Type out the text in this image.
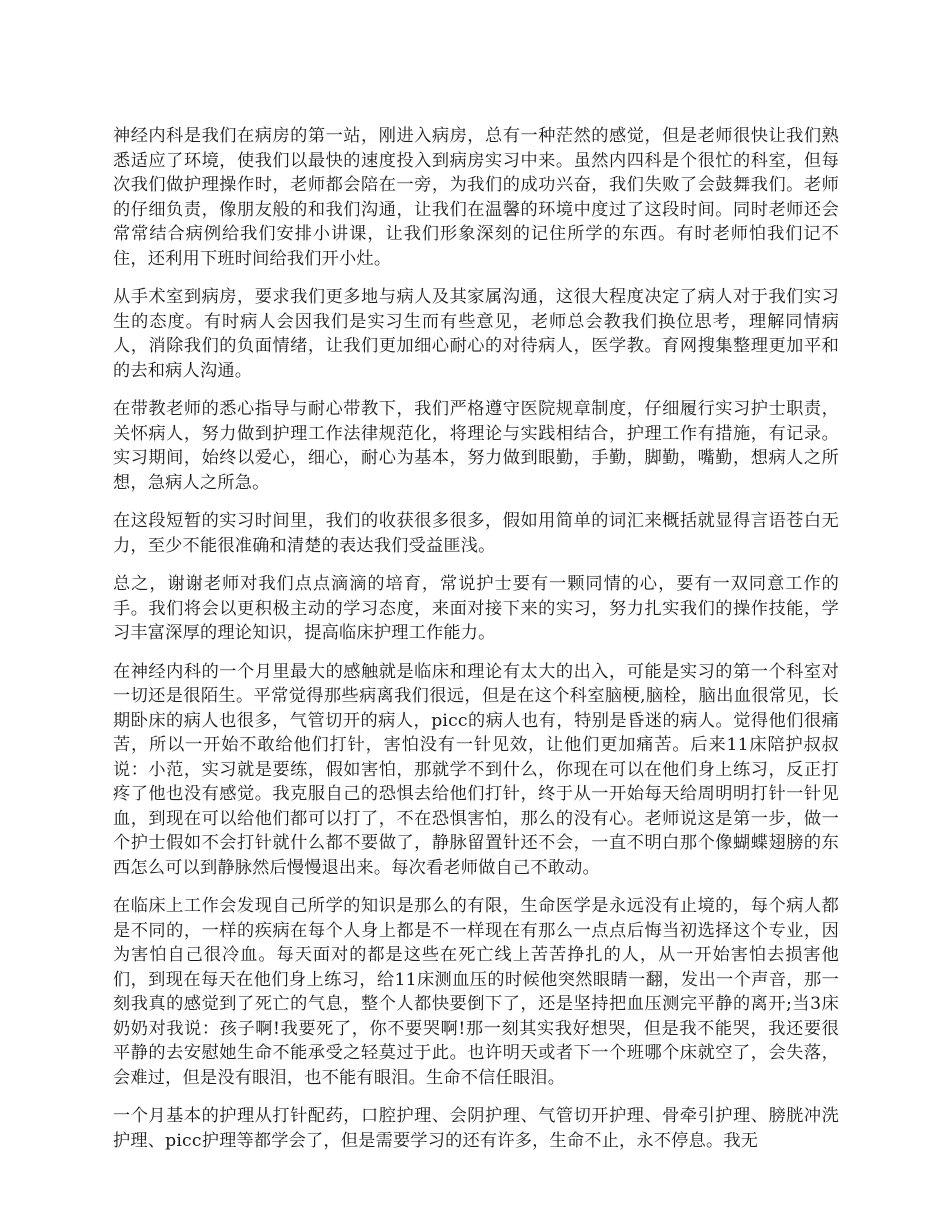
神经内科是我们在病房的第一站，刚进入病房，总有一种茫然的感觉，但是老师很快让我们熟悉适应了环境，使我们以最快的速度投入到病房实习中来。虽然内四科是个很忙的科室，但每次我们做护理操作时，老师都会陪在一旁，为我们的成功兴奋，我们失败了会鼓舞我们。老师的仔细负责，像朋友般的和我们沟通，让我们在温馨的环境中度过了这段时间。同时老师还会常常结合病例给我们安排小讲课，让我们形象深刻的记住所学的东西。有时老师怕我们记不住，还利用下班时间给我们开小灶。

从手术室到病房，要求我们更多地与病人及其家属沟通，这很大程度决定了病人对于我们实习生的态度。有时病人会因我们是实习生而有些意见，老师总会教我们换位思考，理解同情病人，消除我们的负面情绪，让我们更加细心耐心的对待病人，医学教。育网搜集整理更加平和的去和病人沟通。

在带教老师的悉心指导与耐心带教下，我们严格遵守医院规章制度，仔细履行实习护士职责，关怀病人，努力做到护理工作法律规范化，将理论与实践相结合，护理工作有措施，有记录。实习期间，始终以爱心，细心，耐心为基本，努力做到眼勤，手勤，脚勤，嘴勤，想病人之所想，急病人之所急。

在这段短暂的实习时间里，我们的收获很多很多，假如用简单的词汇来概括就显得言语苍白无力，至少不能很准确和清楚的表达我们受益匪浅。

总之，谢谢老师对我们点点滴滴的培育，常说护士要有一颗同情的心，要有一双同意工作的手。我们将会以更积极主动的学习态度，来面对接下来的实习，努力扎实我们的操作技能，学习丰富深厚的理论知识，提高临床护理工作能力。

在神经内科的一个月里最大的感触就是临床和理论有太大的出入，可能是实习的第一个科室对一切还是很陌生。平常觉得那些病离我们很远，但是在这个科室脑梗,脑栓，脑出血很常见，长期卧床的病人也很多，气管切开的病人，picc的病人也有，特别是昏迷的病人。觉得他们很痛苦，所以一开始不敢给他们打针，害怕没有一针见效，让他们更加痛苦。后来11床陪护叔叔说：小范，实习就是要练，假如害怕，那就学不到什么，你现在可以在他们身上练习，反正打疼了他也没有感觉。我克服自己的恐惧去给他们打针，终于从一开始每天给周明明打针一针见血，到现在可以给他们都可以打了，不在恐惧害怕，那么的没有心。老师说这是第一步，做一个护士假如不会打针就什么都不要做了，静脉留置针还不会，一直不明白那个像蝴蝶翅膀的东西怎么可以到静脉然后慢慢退出来。每次看老师做自己不敢动。

在临床上工作会发现自己所学的知识是那么的有限，生命医学是永远没有止境的，每个病人都是不同的，一样的疾病在每个人身上都是不一样现在有那么一点点后悔当初选择这个专业，因为害怕自己很冷血。每天面对的都是这些在死亡线上苦苦挣扎的人，从一开始害怕去损害他们，到现在每天在他们身上练习，给11床测血压的时候他突然眼睛一翻，发出一个声音，那一刻我真的感觉到了死亡的气息，整个人都快要倒下了，还是坚持把血压测完平静的离开;当3床奶奶对我说：孩子啊!我要死了，你不要哭啊!那一刻其实我好想哭，但是我不能哭，我还要很平静的去安慰她生命不能承受之轻莫过于此。也许明天或者下一个班哪个床就空了，会失落，会难过，但是没有眼泪，也不能有眼泪。生命不信任眼泪。

一个月基本的护理从打针配药，口腔护理、会阴护理、气管切开护理、骨牵引护理、膀胱冲洗护理、picc护理等都学会了，但是需要学习的还有许多，生命不止，永不停息。我无
